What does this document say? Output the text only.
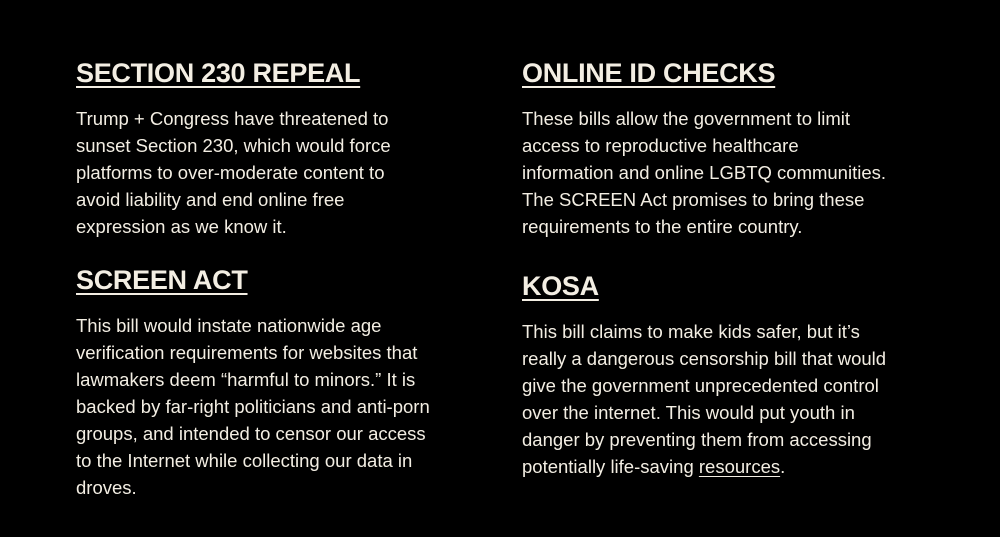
SECTION 230 REPEAL

Trump + Congress have threatened to
sunset Section 230, which would force
platforms to over-moderate content to
avoid liability and end online free
expression as we know it.

SCREEN ACT

This bill would instate nationwide age
verification requirements for websites that
lawmakers deem “harmful to minors.” It is
backed by far-right politicians and anti-porn
groups, and intended to censor our access
to the Internet while collecting our data in
droves.

ONLINE ID CHECKS

These bills allow the government to limit
access to reproductive healthcare
information and online LGBTQ communities.
The SCREEN Act promises to bring these
requirements to the entire country.

KOSA

This bill claims to make kids safer, but it’s
really a dangerous censorship bill that would
give the government unprecedented control
over the internet. This would put youth in
danger by preventing them from accessing
potentially life-saving resources.
